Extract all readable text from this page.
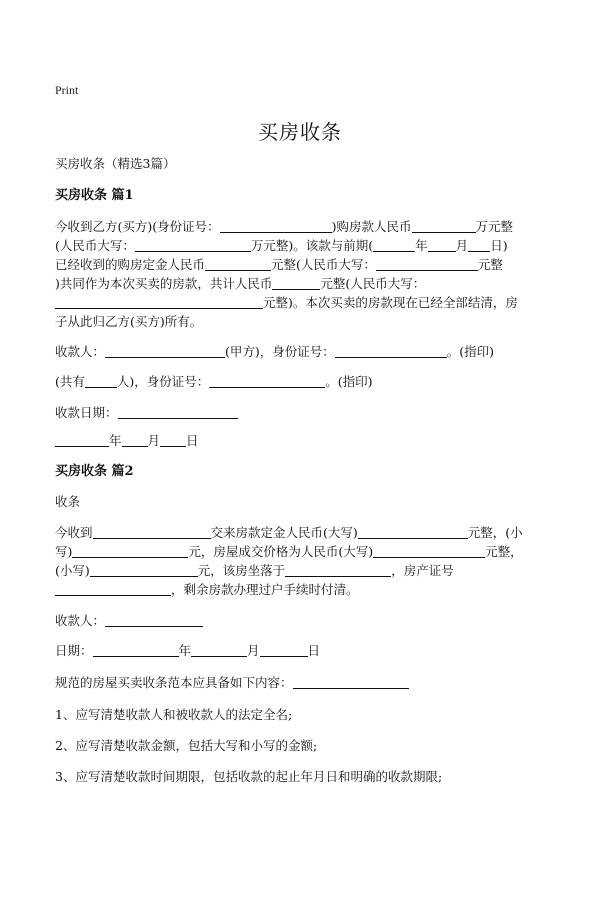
Print
买房收条
买房收条（精选3篇）
买房收条 篇1
今收到乙方(买方)(身份证号：	)购房款人民币	万元整
(人民币大写：	万元整)。该款与前期(	年 月 日)
已经收到的购房定金人民币	元整(人民币大写：	元整
)共同作为本次买卖的房款，共计人民币	元整(人民币大写：
元整)。本次买卖的房款现在已经全部结清，房
子从此归乙方(买方)所有。
收款人：	(甲方)，身份证号：	。(指印)
(共有	人)，身份证号：	。(指印)
收款日期：
年 月 日
买房收条 篇2
收条
今收到	交来房款定金人民币(大写)	元整，(小
写)	元，房屋成交价格为人民币(大写)	元整，
(小写)	元，该房坐落于	，房产证号
，剩余房款办理过户手续时付清。
收款人：
日期：	年	月	日
规范的房屋买卖收条范本应具备如下内容：
1、应写清楚收款人和被收款人的法定全名;
2、应写清楚收款金额，包括大写和小写的金额;
3、应写清楚收款时间期限，包括收款的起止年月日和明确的收款期限;
